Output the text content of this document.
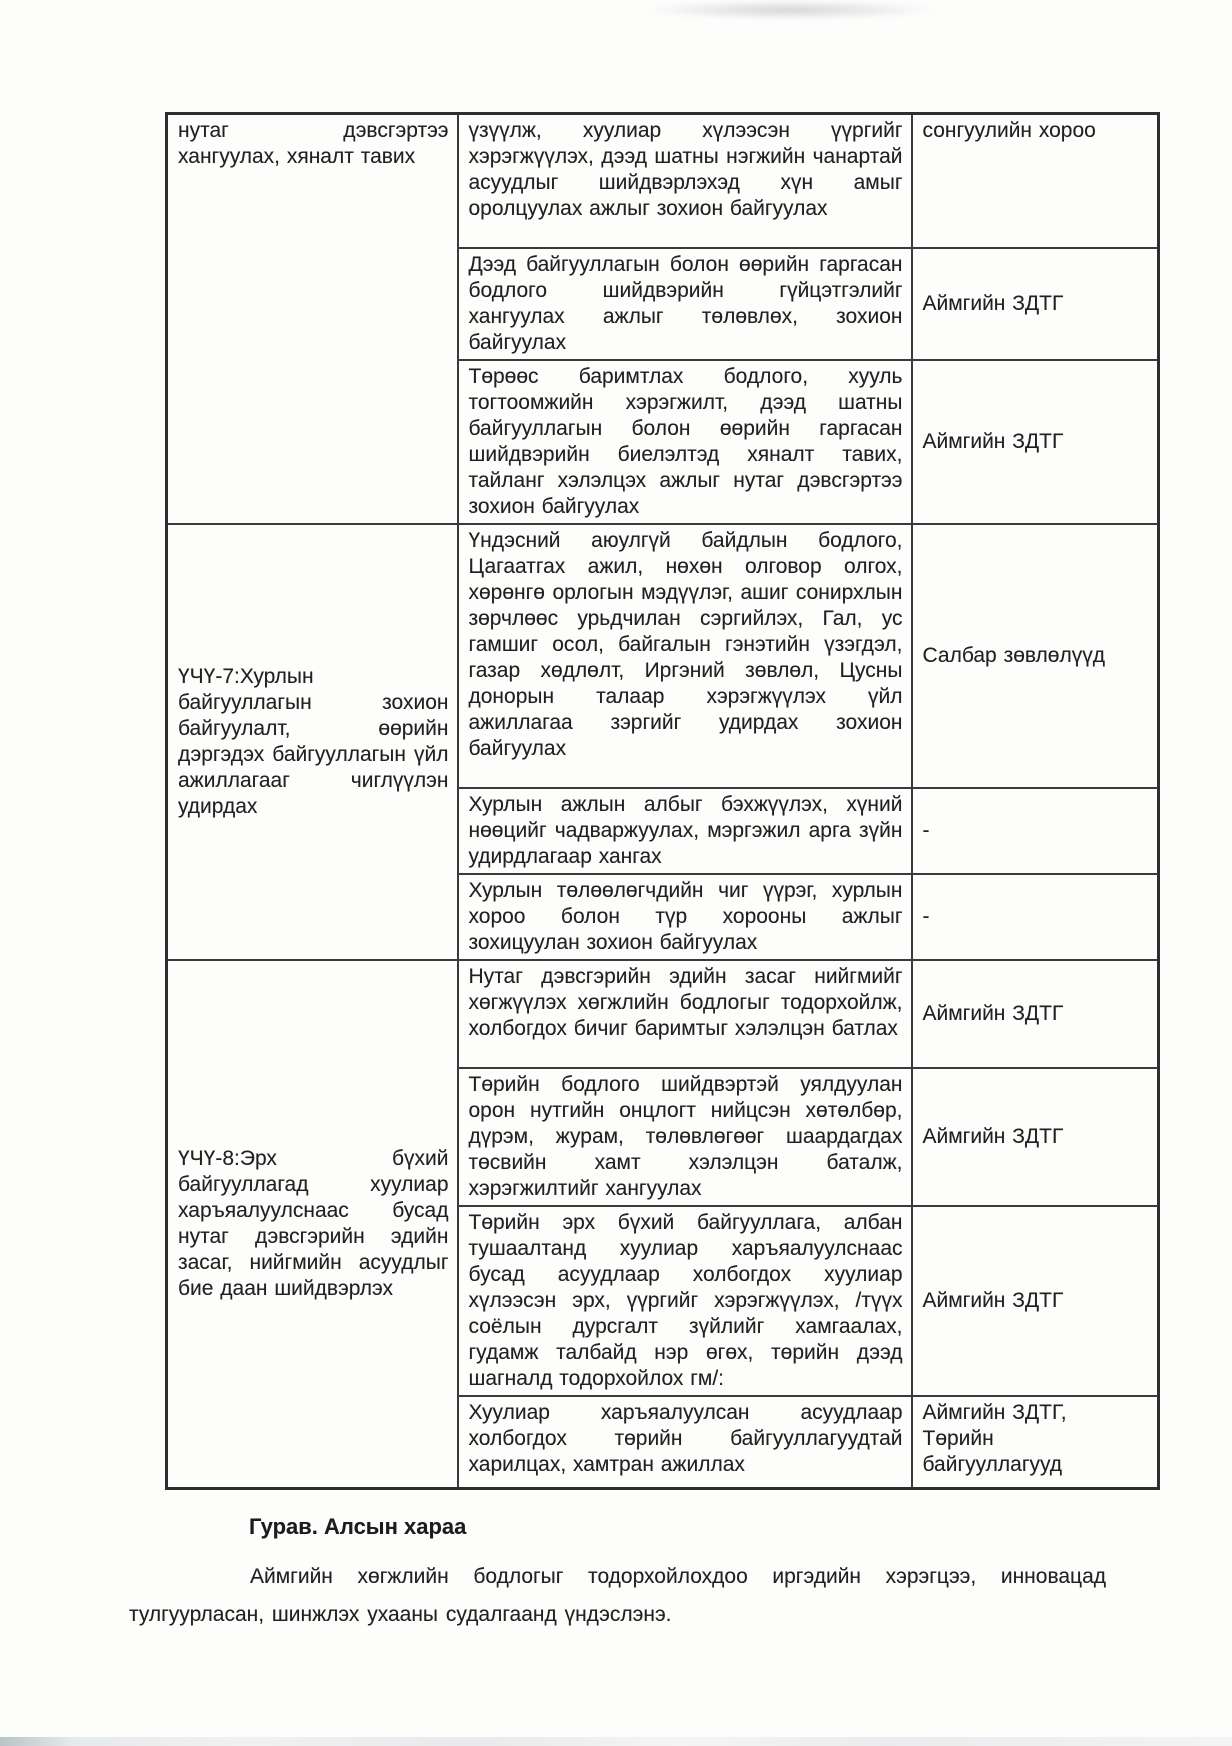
нутаг дэвсгэртээ хангуулах, хяналт тавих	үзүүлж, хуулиар хүлээсэн үүргийг хэрэгжүүлэх, дээд шатны нэгжийн чанартай асуудлыг шийдвэрлэхэд хүн амыг оролцуулах ажлыг зохион байгуулах	сонгуулийн хороо
	Дээд байгууллагын болон өөрийн гаргасан бодлого шийдвэрийн гүйцэтгэлийг хангуулах ажлыг төлөвлөх, зохион байгуулах	Аймгийн ЗДТГ
	Төрөөс баримтлах бодлого, хууль тогтоомжийн хэрэгжилт, дээд шатны байгууллагын болон өөрийн гаргасан шийдвэрийн биелэлтэд хяналт тавих, тайланг хэлэлцэх ажлыг нутаг дэвсгэртээ зохион байгуулах	Аймгийн ЗДТГ
ҮЧҮ-7:Хурлын байгууллагын зохион байгуулалт, өөрийн дэргэдэх байгууллагын үйл ажиллагааг чиглүүлэн удирдах	Үндэсний аюулгүй байдлын бодлого, Цагаатгах ажил, нөхөн олговор олгох, хөрөнгө орлогын мэдүүлэг, ашиг сонирхлын зөрчлөөс урьдчилан сэргийлэх, Гал, ус гамшиг осол, байгалын гэнэтийн үзэгдэл, газар хөдлөлт, Иргэний зөвлөл, Цусны донорын талаар хэрэгжүүлэх үйл ажиллагаа зэргийг удирдах зохион байгуулах	Салбар зөвлөлүүд
	Хурлын ажлын албыг бэхжүүлэх, хүний нөөцийг чадваржуулах, мэргэжил арга зүйн удирдлагаар хангах	-
	Хурлын төлөөлөгчдийн чиг үүрэг, хурлын хороо болон түр хорооны ажлыг зохицуулан зохион байгуулах	-
ҮЧҮ-8:Эрх бүхий байгууллагад хуулиар харъяалуулснаас бусад нутаг дэвсгэрийн эдийн засаг, нийгмийн асуудлыг бие даан шийдвэрлэх	Нутаг дэвсгэрийн эдийн засаг нийгмийг хөгжүүлэх хөгжлийн бодлогыг тодорхойлж, холбогдох бичиг баримтыг хэлэлцэн батлах	Аймгийн ЗДТГ
	Төрийн бодлого шийдвэртэй уялдуулан орон нутгийн онцлогт нийцсэн хөтөлбөр, дүрэм, журам, төлөвлөгөөг шаардагдах төсвийн хамт хэлэлцэн баталж, хэрэгжилтийг хангуулах	Аймгийн ЗДТГ
	Төрийн эрх бүхий байгууллага, албан тушаалтанд хуулиар харъяалуулснаас бусад асуудлаар холбогдох хуулиар хүлээсэн эрх, үүргийг хэрэгжүүлэх, /түүх соёлын дурсгалт зүйлийг хамгаалах, гудамж талбайд нэр өгөх, төрийн дээд шагналд тодорхойлох гм/:	Аймгийн ЗДТГ
	Хуулиар харъяалуулсан асуудлаар холбогдох төрийн байгууллагуудтай харилцах, хамтран ажиллах	Аймгийн ЗДТГ, Төрийн байгууллагууд
Гурав. Алсын хараа

Аймгийн хөгжлийн бодлогыг тодорхойлохдоо иргэдийн хэрэгцээ, инновацад тулгуурласан, шинжлэх ухааны судалгаанд үндэслэнэ.
